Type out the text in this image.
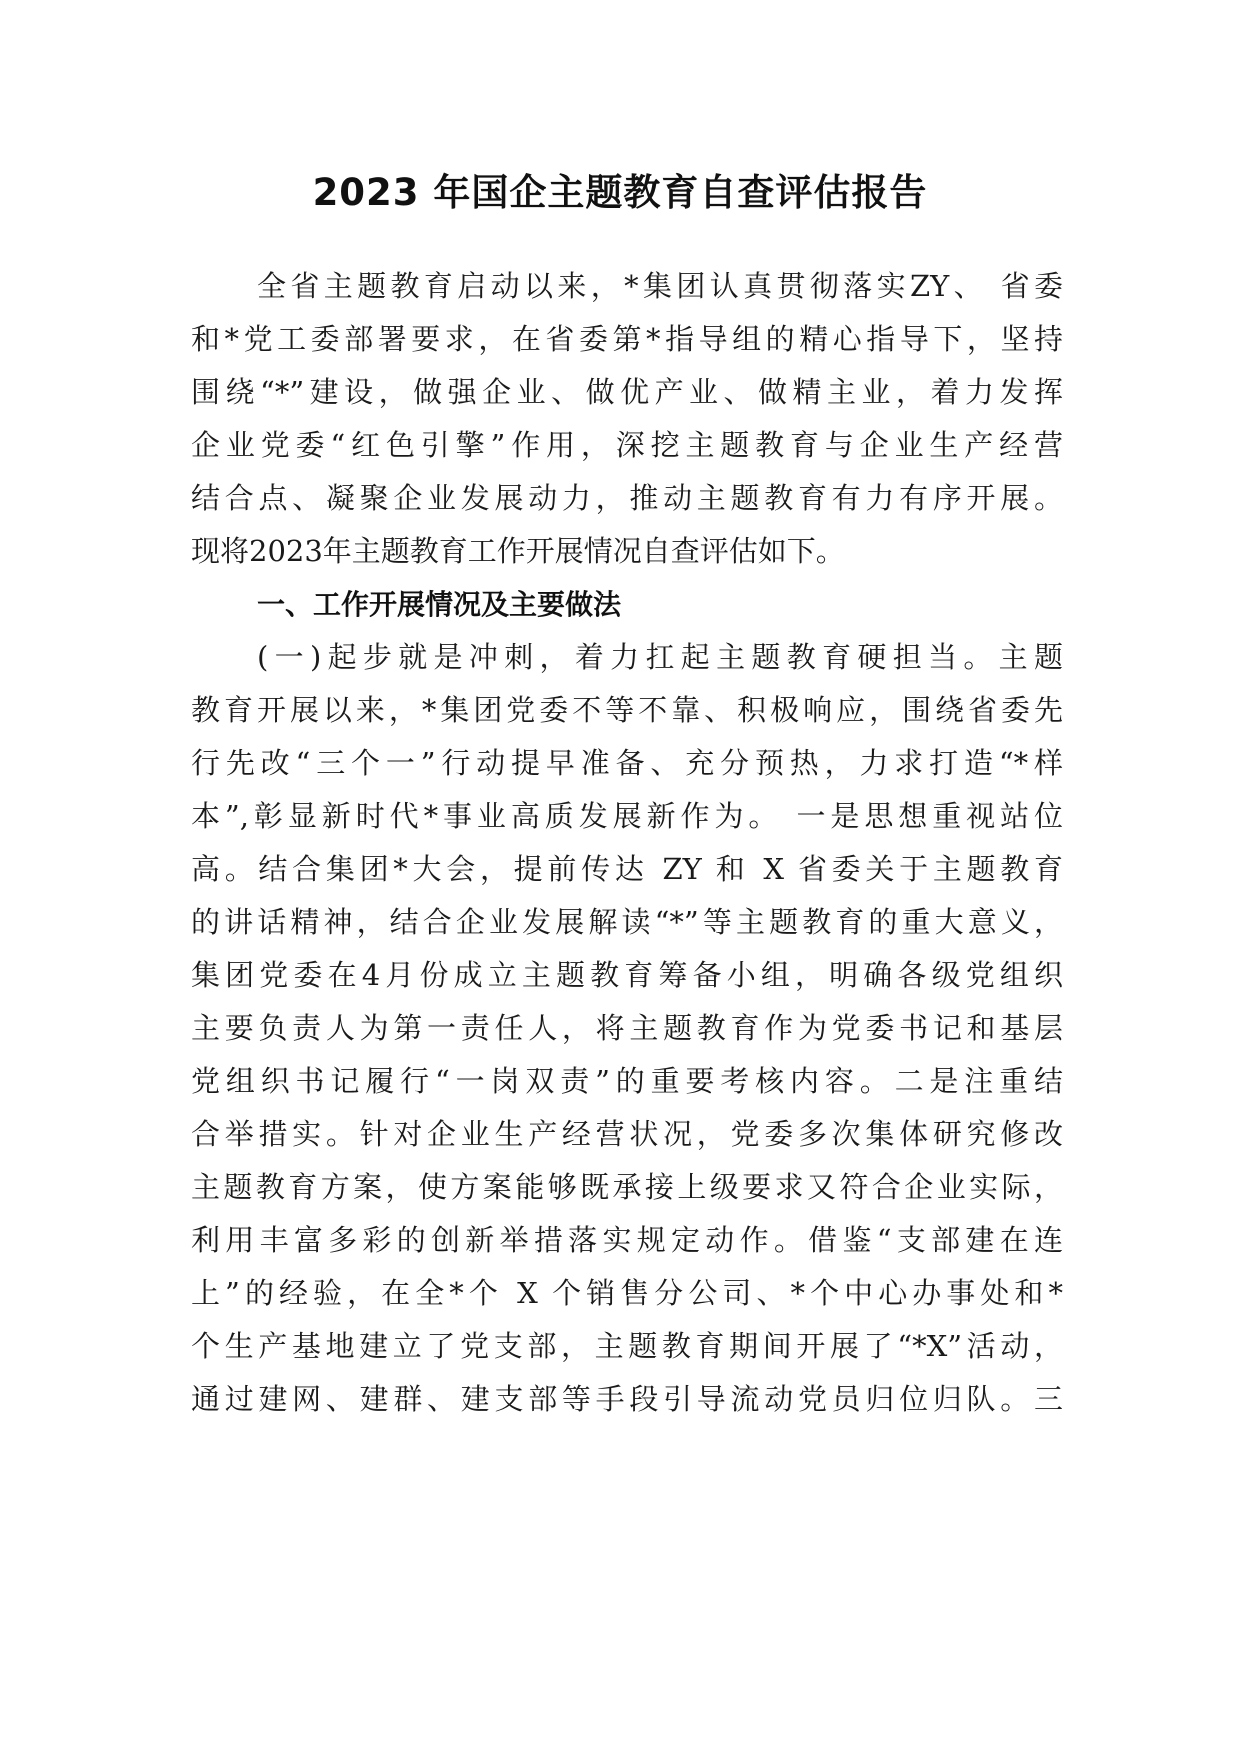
2023 年国企主题教育自查评估报告
全省主题教育启动以来，*集团认真贯彻落实ZY、 省委
和*党工委部署要求，在省委第*指导组的精心指导下，坚持
围绕“*”建设，做强企业、做优产业、做精主业，着力发挥
企业党委“红色引擎”作用，深挖主题教育与企业生产经营
结合点、凝聚企业发展动力，推动主题教育有力有序开展。
现将2023年主题教育工作开展情况自查评估如下。
一、工作开展情况及主要做法
(一)起步就是冲刺，着力扛起主题教育硬担当。主题
教育开展以来，*集团党委不等不靠、积极响应，围绕省委先
行先改“三个一”行动提早准备、充分预热，力求打造“*样
本”,彰显新时代*事业高质发展新作为。 一是思想重视站位
高。结合集团*大会，提前传达 ZY 和 X 省委关于主题教育
的讲话精神，结合企业发展解读“*”等主题教育的重大意义，
集团党委在4月份成立主题教育筹备小组，明确各级党组织
主要负责人为第一责任人，将主题教育作为党委书记和基层
党组织书记履行“一岗双责”的重要考核内容。二是注重结
合举措实。针对企业生产经营状况，党委多次集体研究修改
主题教育方案，使方案能够既承接上级要求又符合企业实际，
利用丰富多彩的创新举措落实规定动作。借鉴“支部建在连
上”的经验，在全*个 X 个销售分公司、*个中心办事处和*
个生产基地建立了党支部，主题教育期间开展了“*X”活动，
通过建网、建群、建支部等手段引导流动党员归位归队。三
